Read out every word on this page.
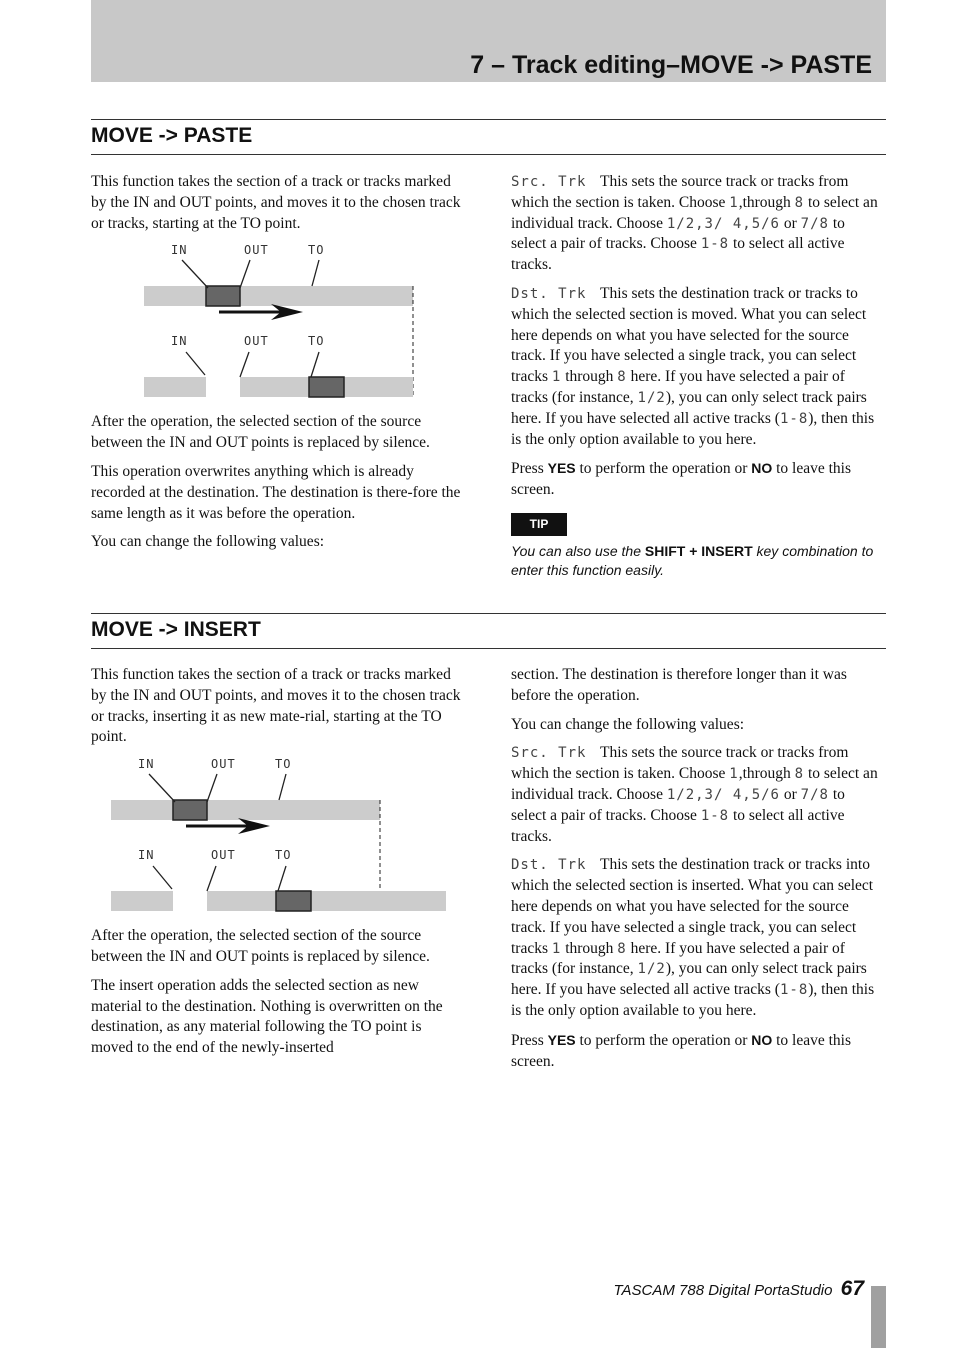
7 – Track editing–MOVE -> PASTE
MOVE -> PASTE

This function takes the section of a track or tracks marked by the IN and OUT points, and moves it to the chosen track or tracks, starting at the TO point.

IN	OUT	TO
IN	OUT	TO

After the operation, the selected section of the source between the IN and OUT points is replaced by silence.

This operation overwrites anything which is already recorded at the destination. The destination is there-fore the same length as it was before the operation.

You can change the following values:

Src. Trk This sets the source track or tracks from which the section is taken. Choose 1,through 8 to select an individual track. Choose 1/2,3/ 4,5/6 or 7/8 to select a pair of tracks. Choose 1-8 to select all active tracks.

Dst. Trk This sets the destination track or tracks to which the selected section is moved. What you can select here depends on what you have selected for the source track. If you have selected a single track, you can select tracks 1 through 8 here. If you have selected a pair of tracks (for instance, 1/2), you can only select track pairs here. If you have selected all active tracks (1-8), then this is the only option available to you here.

Press YES to perform the operation or NO to leave this screen.

TIP
You can also use the SHIFT + INSERT key combination to enter this function easily.
MOVE -> INSERT

This function takes the section of a track or tracks marked by the IN and OUT points, and moves it to the chosen track or tracks, inserting it as new mate-rial, starting at the TO point.

IN	OUT	TO
IN	OUT	TO

After the operation, the selected section of the source between the IN and OUT points is replaced by silence.

The insert operation adds the selected section as new material to the destination. Nothing is overwritten on the destination, as any material following the TO point is moved to the end of the newly-inserted

section. The destination is therefore longer than it was before the operation.

You can change the following values:

Src. Trk This sets the source track or tracks from which the section is taken. Choose 1,through 8 to select an individual track. Choose 1/2,3/ 4,5/6 or 7/8 to select a pair of tracks. Choose 1-8 to select all active tracks.

Dst. Trk This sets the destination track or tracks into which the selected section is inserted. What you can select here depends on what you have selected for the source track. If you have selected a single track, you can select tracks 1 through 8 here. If you have selected a pair of tracks (for instance, 1/2), you can only select track pairs here. If you have selected all active tracks (1-8), then this is the only option available to you here.

Press YES to perform the operation or NO to leave this screen.

TASCAM 788 Digital PortaStudio 67
